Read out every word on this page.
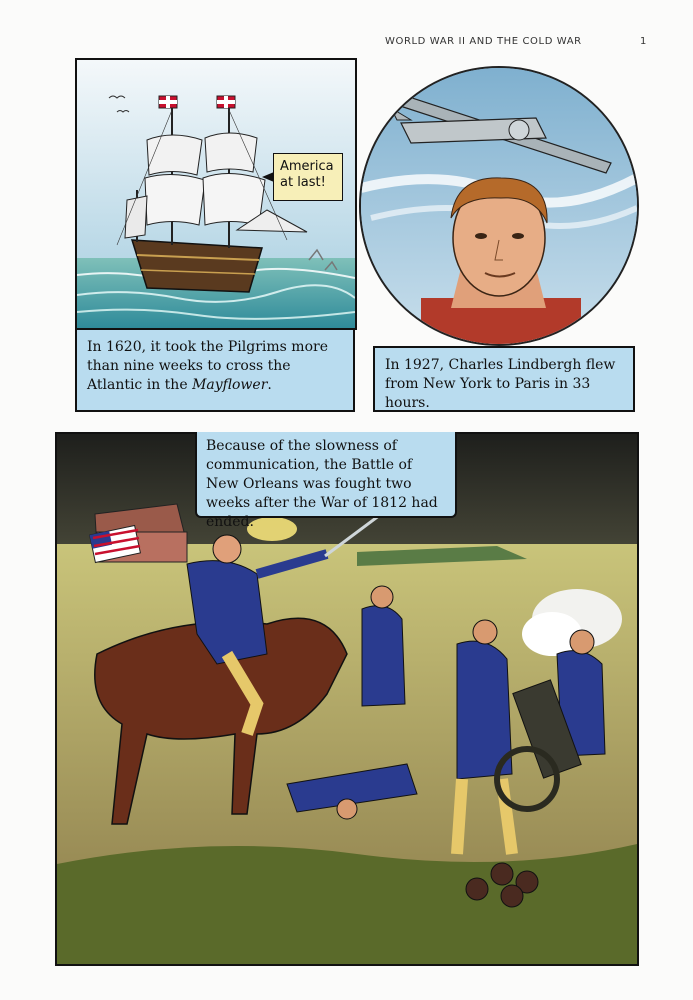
WORLD WAR II AND THE COLD WAR	1
America at last!
In 1620, it took the Pilgrims more than nine weeks to cross the Atlantic in the Mayflower.
In 1927, Charles Lindbergh flew from New York to Paris in 33 hours.
Because of the slowness of communication, the Battle of New Orleans was fought two weeks after the War of 1812 had ended.
